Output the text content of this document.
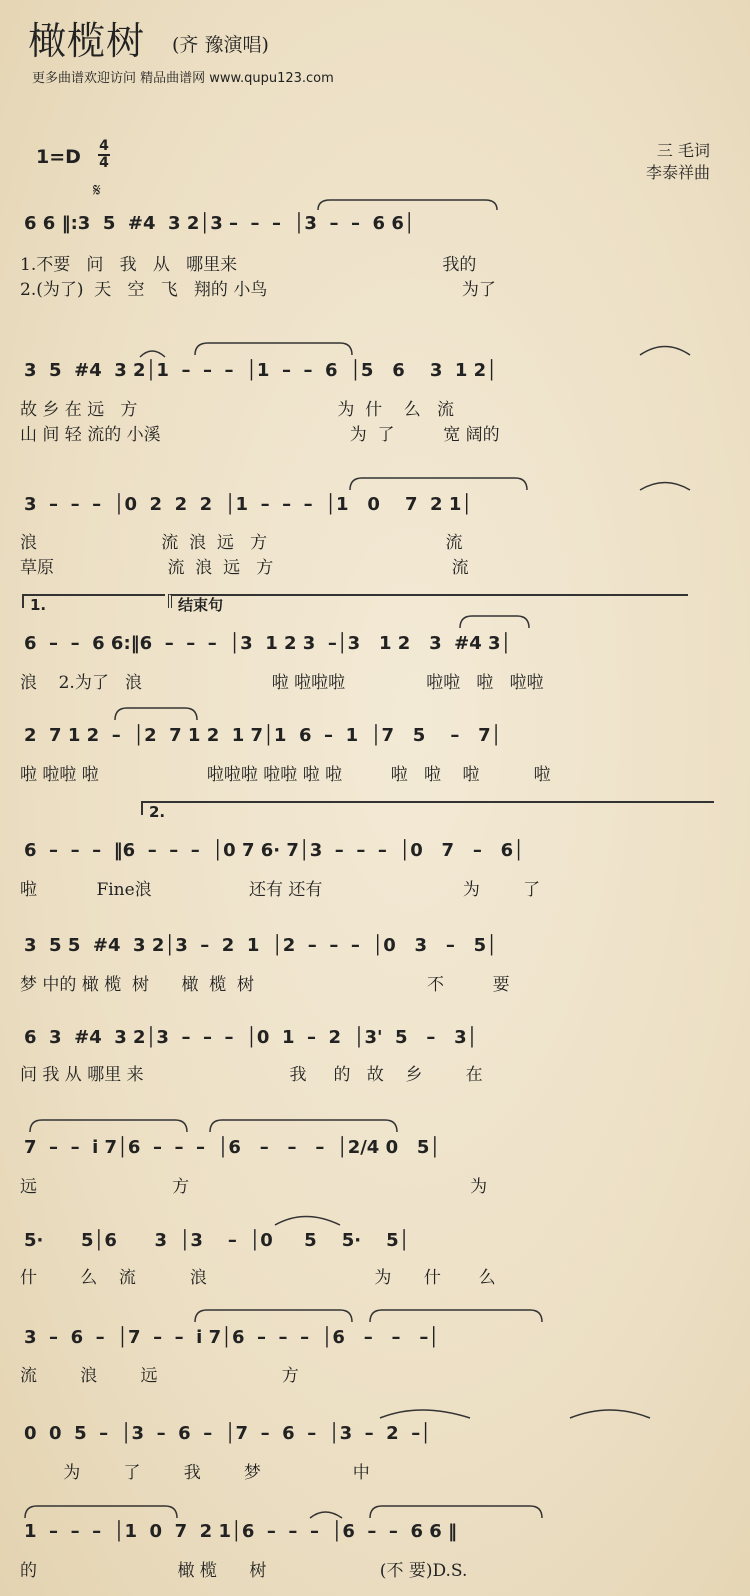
橄榄树 (齐 豫演唱)
更多曲谱欢迎访问 精品曲谱网 www.qupu123.com
1=D 4
4
三 毛词
李泰祥曲
𝄋
6 6 ‖:3  5  #4  3 2│3 –  –  –  │3  –  –  6 6│
1.不要   问   我   从   哪里来                                      我的
2.(为了)  天   空   飞   翔的 小鸟                                    为了
3  5  #4  3 2│1  –  –  –  │1  –  –  6  │5   6    3  1 2│
故 乡 在 远   方                                     为  什    么   流
山 间 轻 流的 小溪                                   为  了         宽 阔的
3  –  –  –  │0  2  2  2  │1  –  –  –  │1   0    7  2 1│
浪                       流  浪  远   方                                 流
草原                     流  浪  远   方                                 流
1.	结束句
6  –  –  6 6:‖6  –  –  –  │3  1 2 3  –│3   1 2   3  #4 3│
浪    2.为了   浪                        啦 啦啦啦               啦啦   啦   啦啦
2  7 1 2  –  │2  7 1 2  1 7│1  6  –  1  │7   5    –   7│
啦 啦啦 啦                    啦啦啦 啦啦 啦 啦         啦   啦    啦          啦
2.
6  –  –  –  ‖6  –  –  –  │0 7 6· 7│3  –  –  –  │0   7   –   6│
啦           Fine浪                  还有 还有                          为        了
3  5 5  #4  3 2│3  –  2  1  │2  –  –  –  │0   3   –   5│
梦 中的 橄 榄  树      橄  榄  树                                不         要
6  3  #4  3 2│3  –  –  –  │0  1  –  2  │3'  5   –   3│
问 我 从 哪里 来                           我     的   故    乡        在
7  –  –  i 7│6  –  –  –  │6   –   –   –  │2/4 0   5│
远                         方                                                    为
5·      5│6      3  │3    –  │0     5    5·    5│
什        么    流          浪                               为      什       么
3  –  6  –  │7  –  –  i 7│6  –  –  –  │6   –   –   –│
流        浪        远                       方
0  0  5  –  │3  –  6  –  │7  –  6  –  │3  –  2  –│
为        了        我        梦                 中
1  –  –  –  │1  0  7  2 1│6  –  –  –  │6  –  –  6 6 ‖
的                          橄 榄      树                     (不 要)D.S.
